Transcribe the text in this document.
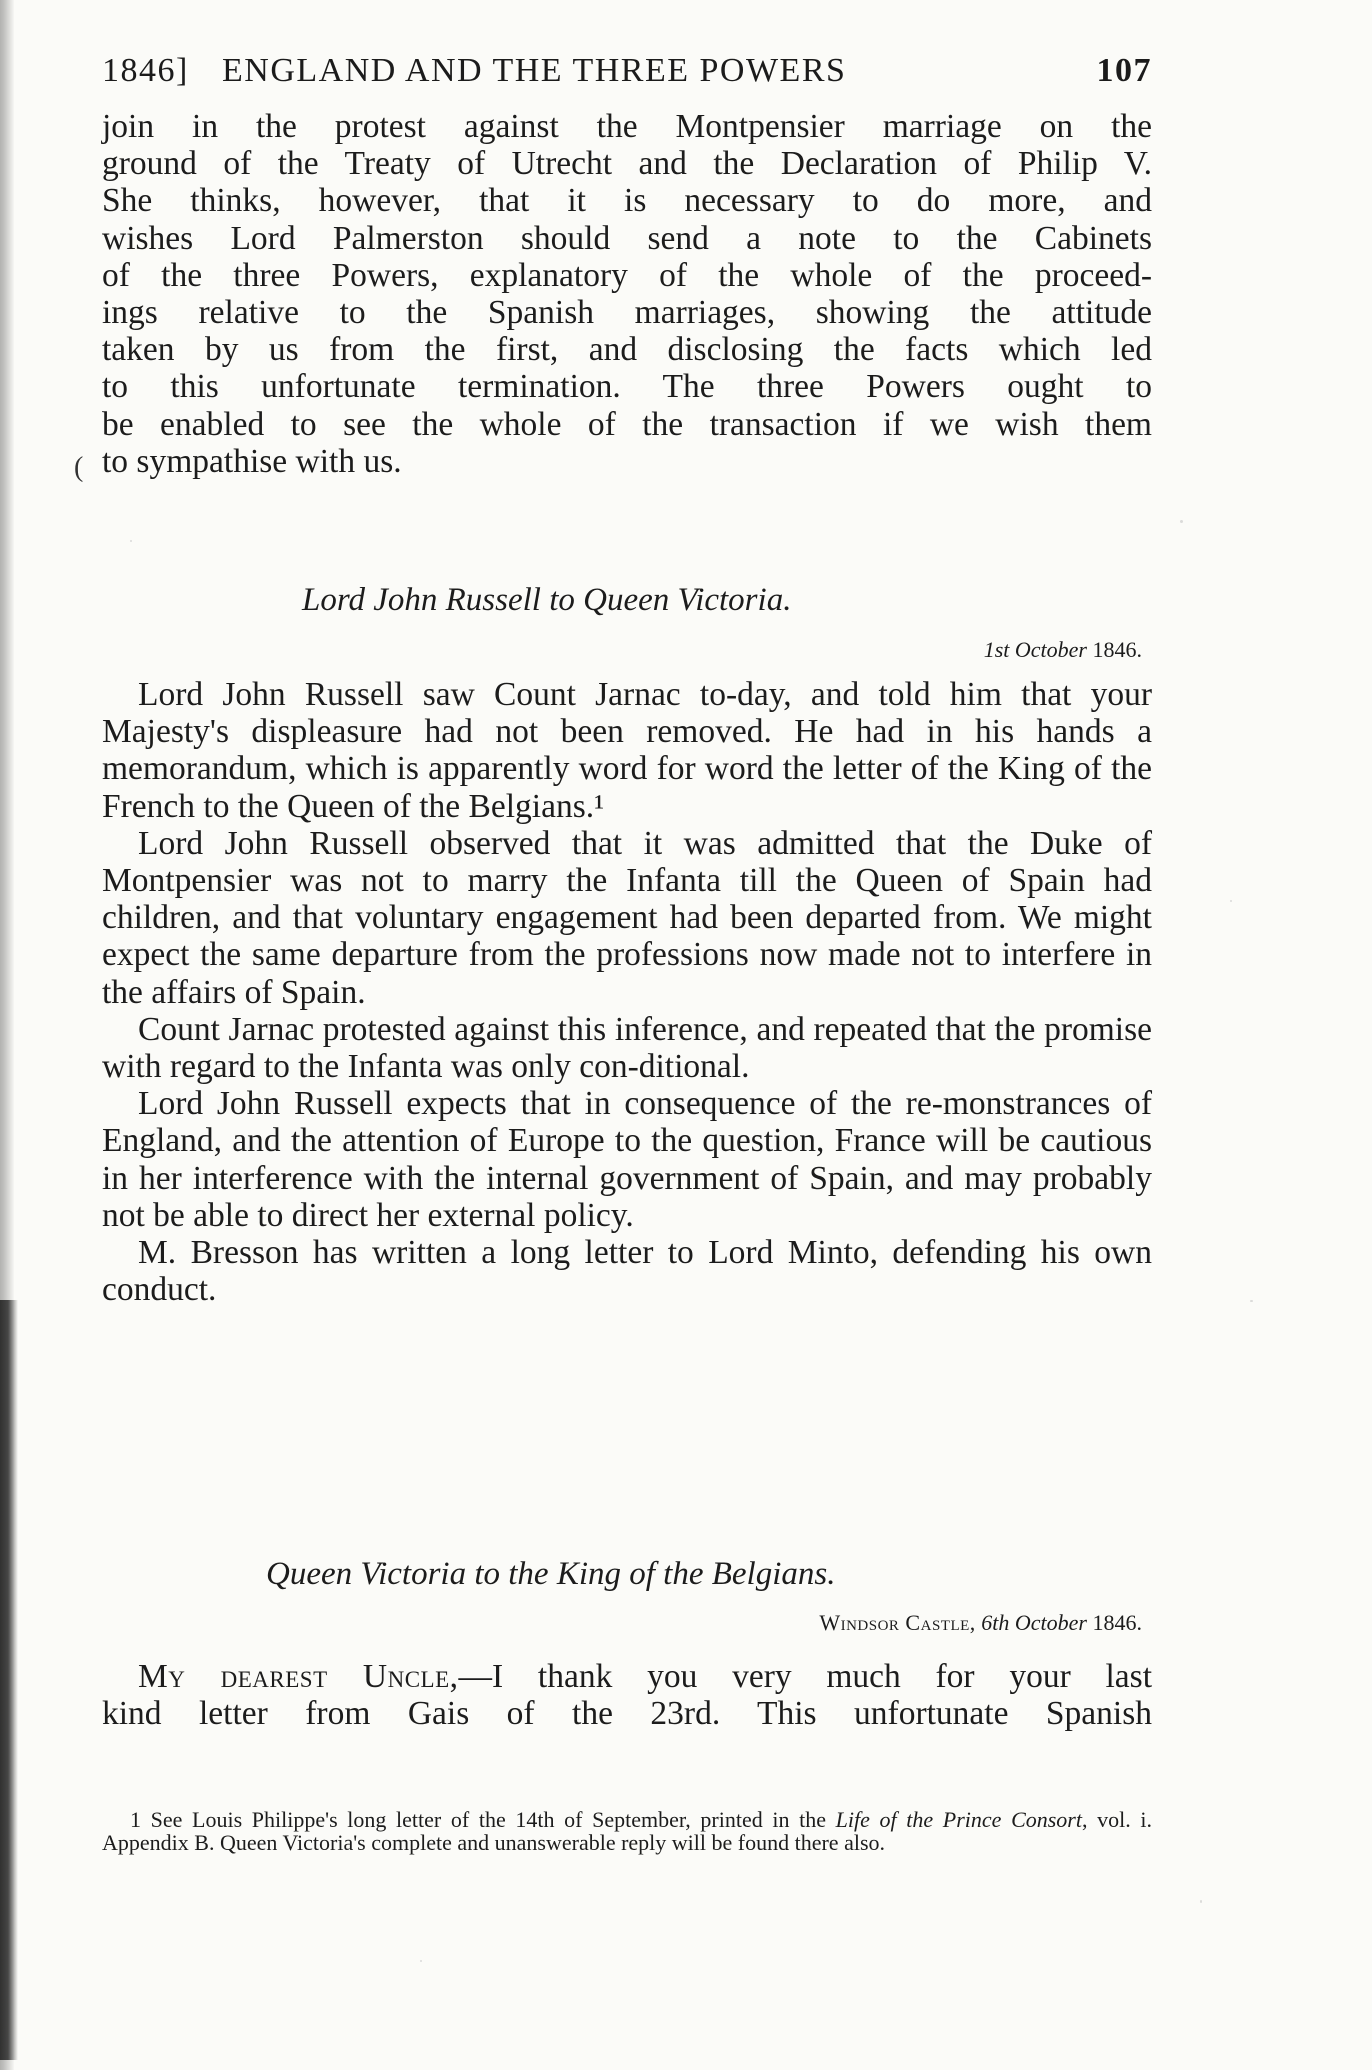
1846] ENGLAND AND THE THREE POWERS	107
join in the protest against the Montpensier marriage on the
ground of the Treaty of Utrecht and the Declaration of Philip V.
She thinks, however, that it is necessary to do more, and
wishes Lord Palmerston should send a note to the Cabinets
of the three Powers, explanatory of the whole of the proceed-
ings relative to the Spanish marriages, showing the attitude
taken by us from the first, and disclosing the facts which led
to this unfortunate termination. The three Powers ought to
be enabled to see the whole of the transaction if we wish them
to sympathise with us.
(
Lord John Russell to Queen Victoria.
1st October 1846.

Lord John Russell saw Count Jarnac to-day, and told him that your Majesty's displeasure had not been removed. He had in his hands a memorandum, which is apparently word for word the letter of the King of the French to the Queen of the Belgians.¹

Lord John Russell observed that it was admitted that the Duke of Montpensier was not to marry the Infanta till the Queen of Spain had children, and that voluntary engagement had been departed from. We might expect the same departure from the professions now made not to interfere in the affairs of Spain.

Count Jarnac protested against this inference, and repeated that the promise with regard to the Infanta was only con-ditional.

Lord John Russell expects that in consequence of the re-monstrances of England, and the attention of Europe to the question, France will be cautious in her interference with the internal government of Spain, and may probably not be able to direct her external policy.

M. Bresson has written a long letter to Lord Minto, defending his own conduct.

Queen Victoria to the King of the Belgians.
Windsor Castle, 6th October 1846.
My dearest Uncle,—I thank you very much for your last
kind letter from Gais of the 23rd. This unfortunate Spanish

1 See Louis Philippe's long letter of the 14th of September, printed in the Life of the Prince Consort, vol. i. Appendix B. Queen Victoria's complete and unanswerable reply will be found there also.
